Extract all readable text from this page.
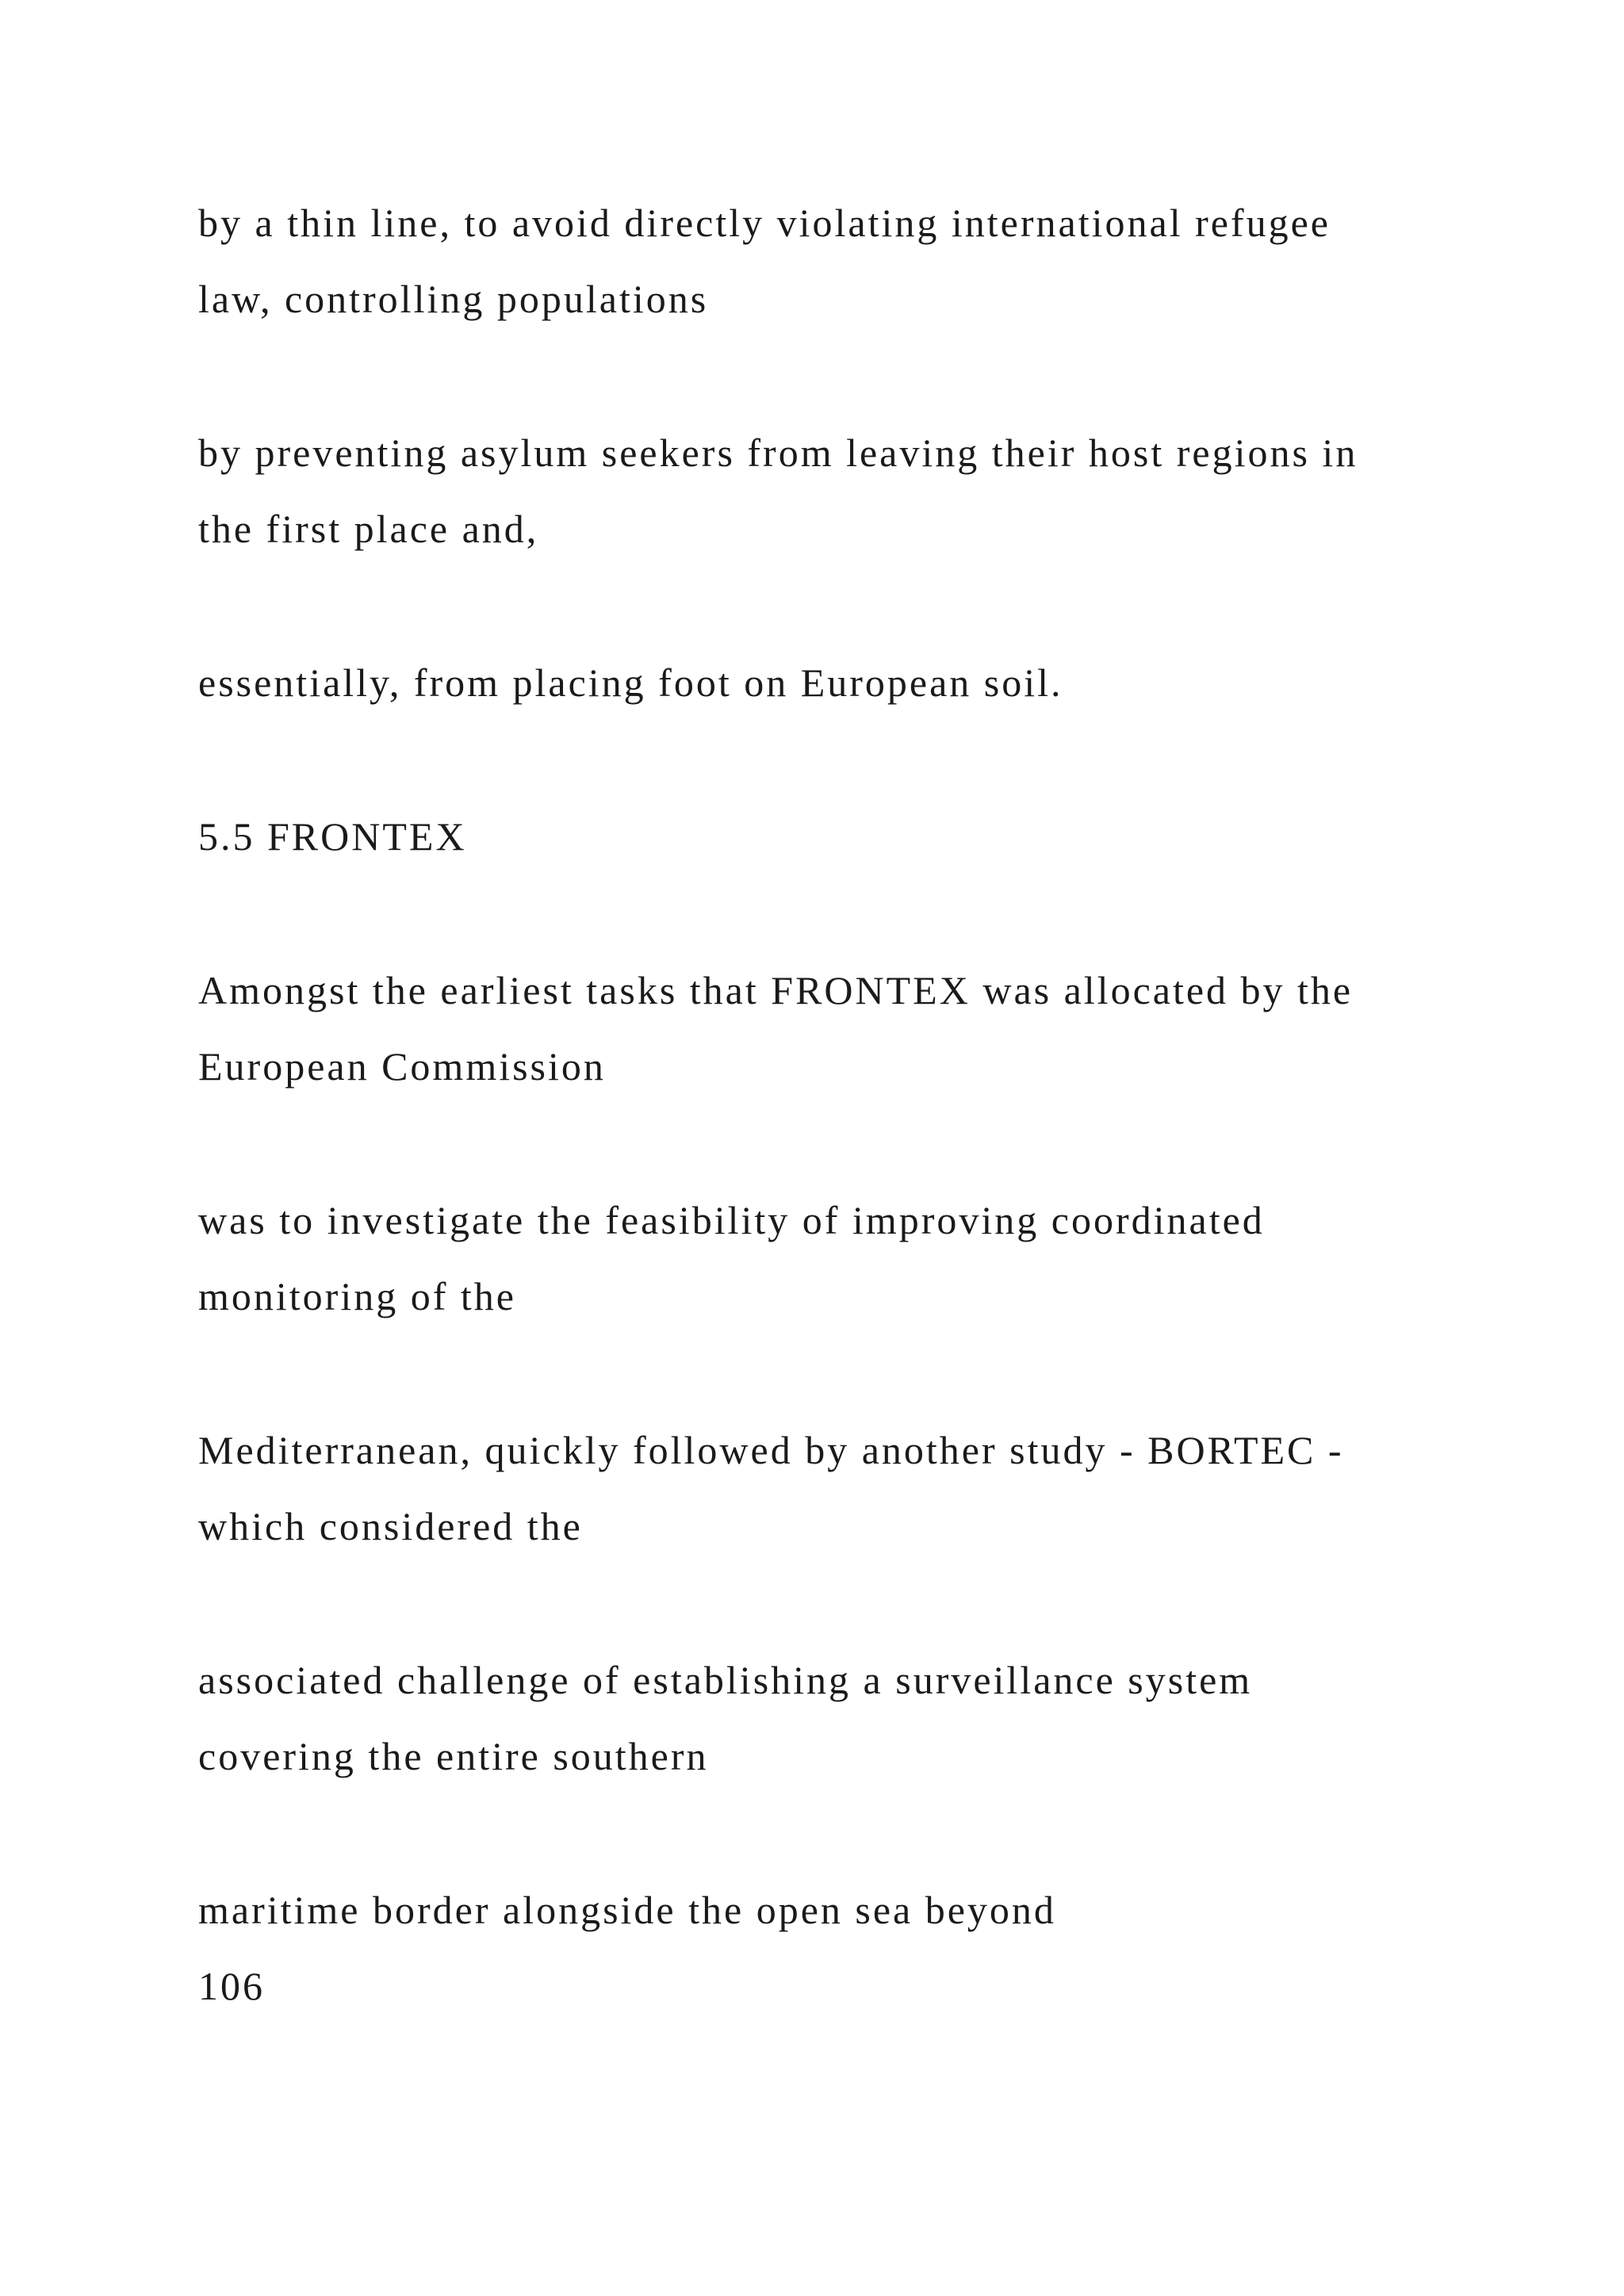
by a thin line, to avoid directly violating international refugee
law, controlling populations

by preventing asylum seekers from leaving their host regions in
the first place and,

essentially, from placing foot on European soil.

5.5 FRONTEX

Amongst the earliest tasks that FRONTEX was allocated by the
European Commission

was to investigate the feasibility of improving coordinated
monitoring of the

Mediterranean, quickly followed by another study - BORTEC -
which considered the

associated challenge of establishing a surveillance system
covering the entire southern

maritime border alongside the open sea beyond

106
